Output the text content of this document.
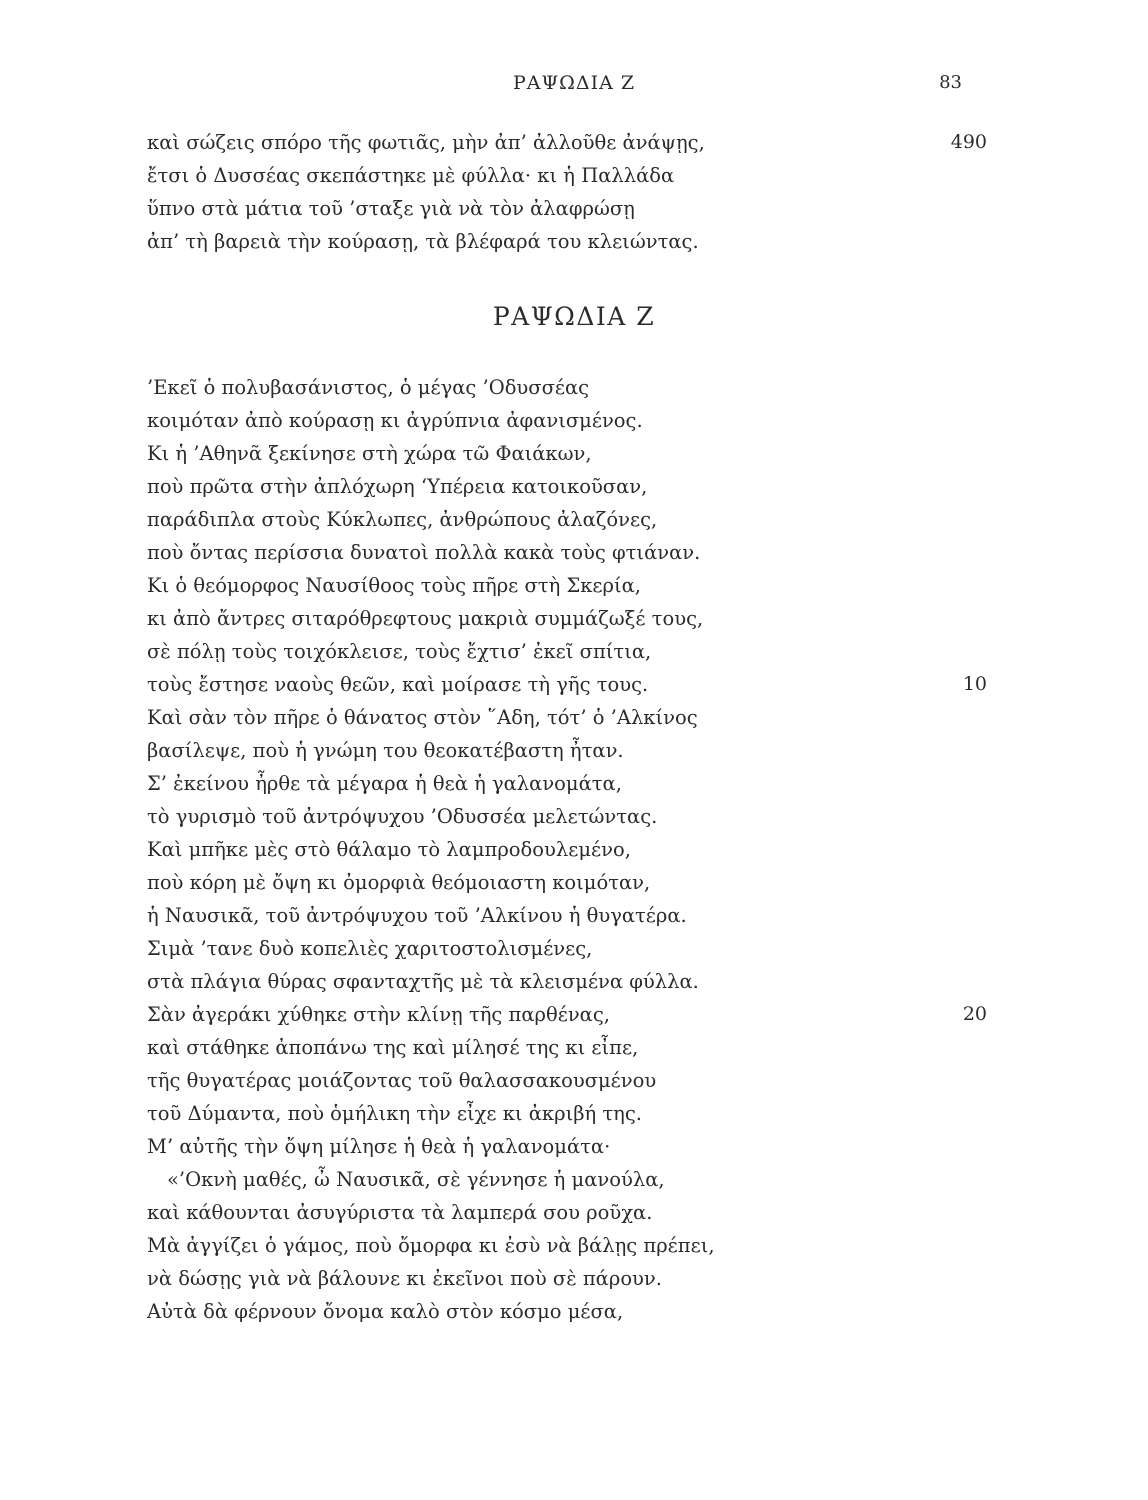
ΡΑΨΩΔΙΑ Ζ	83
καὶ σώζεις σπόρο τῆς φωτιᾶς, μὴν ἀπ’ ἀλλοῦθε ἀνάψῃς,	490
ἔτσι ὁ Δυσσέας σκεπάστηκε μὲ φύλλα· κι ἡ Παλλάδα
ὕπνο στὰ μάτια τοῦ ’σταξε γιὰ νὰ τὸν ἀλαφρώσῃ
ἀπ’ τὴ βαρειὰ τὴν κούρασῃ, τὰ βλέφαρά του κλειώντας.
ΡΑΨΩΔΙΑ Ζ
’Εκεῖ ὁ πολυβασάνιστος, ὁ μέγας ’Οδυσσέας
κοιμόταν ἀπὸ κούρασῃ κι ἀγρύπνια ἀφανισμένος.
Κι ἡ ’Αθηνᾶ ξεκίνησε στὴ χώρα τῶ Φαιάκων,
ποὺ πρῶτα στὴν ἀπλόχωρη ‘Υπέρεια κατοικοῦσαν,
παράδιπλα στοὺς Κύκλωπες, ἀνθρώπους ἀλαζόνες,
ποὺ ὄντας περίσσια δυνατοὶ πολλὰ κακὰ τοὺς φτιάναν.
Κι ὁ θεόμορφος Ναυσίθοος τοὺς πῆρε στὴ Σκερία,
κι ἀπὸ ἄντρες σιταρόθρεφτους μακριὰ συμμάζωξέ τους,
σὲ πόλῃ τοὺς τοιχόκλεισε, τοὺς ἔχτισ’ ἐκεῖ σπίτια,
τοὺς ἔστησε ναοὺς θεῶν, καὶ μοίρασε τὴ γῆς τους.	10
Καὶ σὰν τὸν πῆρε ὁ θάνατος στὸν ῞Αδη, τότ’ ὁ ’Αλκίνος
βασίλεψε, ποὺ ἡ γνώμη του θεοκατέβαστη ἦταν.
Σ’ ἐκείνου ἦρθε τὰ μέγαρα ἡ θεὰ ἡ γαλανομάτα,
τὸ γυρισμὸ τοῦ ἀντρόψυχου ’Οδυσσέα μελετώντας.
Καὶ μπῆκε μὲς στὸ θάλαμο τὸ λαμπροδουλεμένο,
ποὺ κόρη μὲ ὄψη κι ὀμορφιὰ θεόμοιαστη κοιμόταν,
ἡ Ναυσικᾶ, τοῦ ἀντρόψυχου τοῦ ’Αλκίνου ἡ θυγατέρα.
Σιμὰ ’τανε δυὸ κοπελιὲς χαριτοστολισμένες,
στὰ πλάγια θύρας σφανταχτῆς μὲ τὰ κλεισμένα φύλλα.
Σὰν ἀγεράκι χύθηκε στὴν κλίνῃ τῆς παρθένας,	20
καὶ στάθηκε ἀποπάνω της καὶ μίλησέ της κι εἶπε,
τῆς θυγατέρας μοιάζοντας τοῦ θαλασσακουσμένου
τοῦ Δύμαντα, ποὺ ὁμήλικη τὴν εἶχε κι ἀκριβή της.
Μ’ αὐτῆς τὴν ὄψη μίλησε ἡ θεὰ ἡ γαλανομάτα·
«’Οκνὴ μαθές, ὦ Ναυσικᾶ, σὲ γέννησε ἡ μανούλα,
καὶ κάθουνται ἀσυγύριστα τὰ λαμπερά σου ροῦχα.
Μὰ ἀγγίζει ὁ γάμος, ποὺ ὄμορφα κι ἐσὺ νὰ βάλῃς πρέπει,
νὰ δώσῃς γιὰ νὰ βάλουνε κι ἐκεῖνοι ποὺ σὲ πάρουν.
Αὐτὰ δὰ φέρνουν ὄνομα καλὸ στὸν κόσμο μέσα,
